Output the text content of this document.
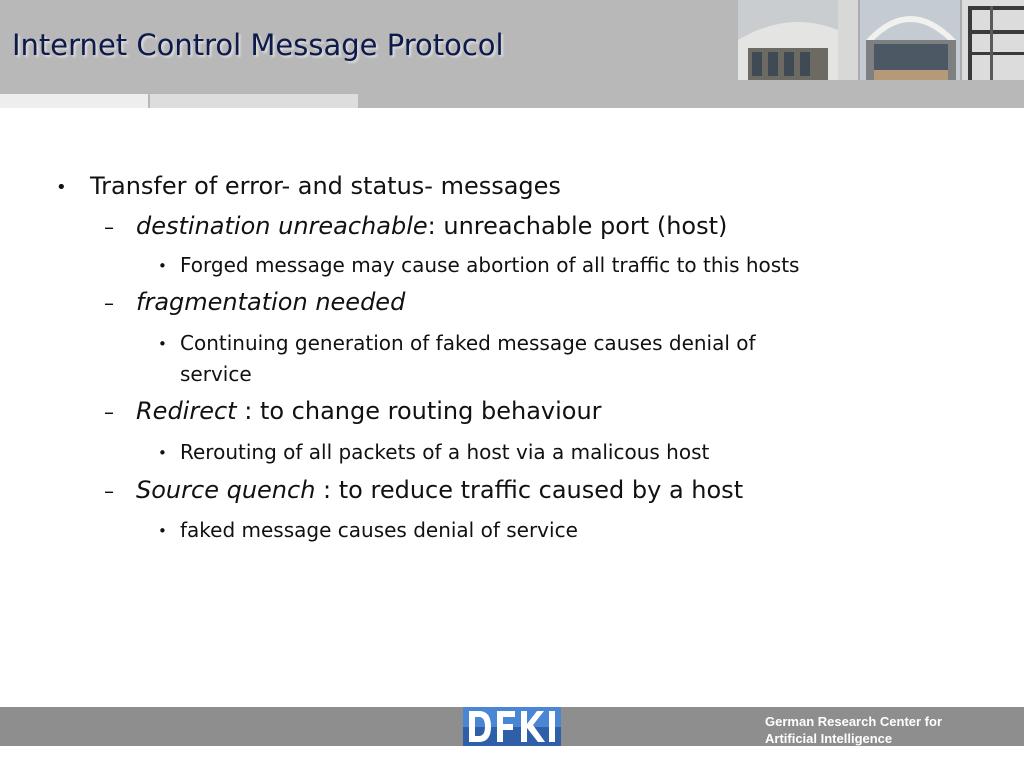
Internet Control Message Protocol
• Transfer of error- and status- messages
– destination unreachable: unreachable port (host)
• Forged message may cause abortion of all traffic to this hosts
– fragmentation needed
• Continuing generation of faked message causes denial of
service
– Redirect : to change routing behaviour
• Rerouting of all packets of a host via a malicous host
– Source quench : to reduce traffic caused by a host
• faked message causes denial of service
German Research Center for
Artificial Intelligence
